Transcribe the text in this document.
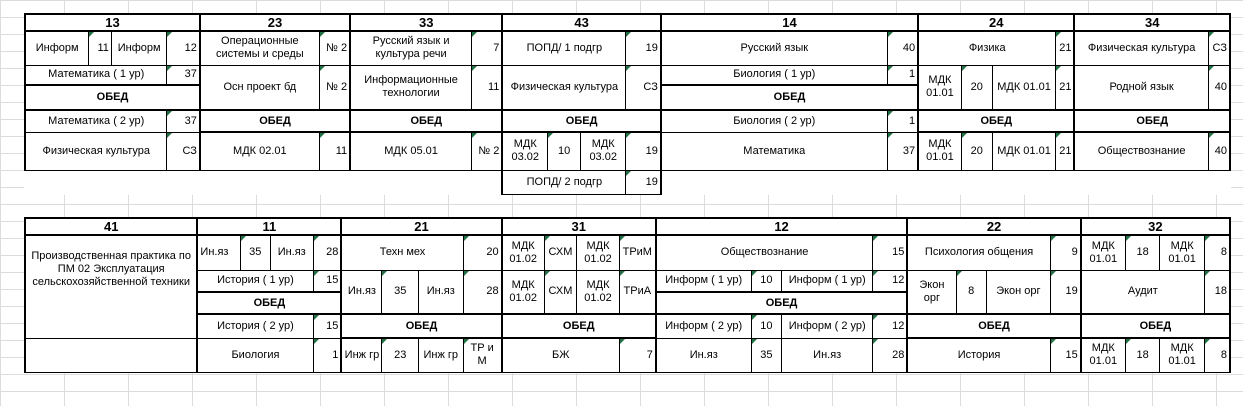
13				23		33		43				14		24				34	
Информ	11	Информ	12	Операционные системы и среды	№ 2	Русский язык и культура речи	7	ПОПД/ 1 подгр			19	Русский язык	40	Физика			21	Физическая культура	СЗ
Математика ( 1 ур)			37	Осн проект бд	№ 2	Информационные технологии	11	Физическая культура			СЗ	Биология ( 1 ур)	1	МДК 01.01	20	МДК 01.01	21	Родной язык	40
ОБЕД												ОБЕД							
Математика ( 2 ур)			37	ОБЕД		ОБЕД		ОБЕД				Биология ( 2 ур)	1	ОБЕД				ОБЕД	
Физическая культура			СЗ	МДК 02.01	11	МДК 05.01	№ 2	МДК 03.02	10	МДК 03.02	19	Математика	37	МДК 01.01	20	МДК 01.01	21	Обществознание	40
								ПОПД/ 2 подгр			19								
41	11				21				31				12				22				32			
Производственная практика по ПМ 02 Эксплуатация сельскохозяйственной техники	Ин.яз	35	Ин.яз	28	Техн мех			20	МДК 01.02	СХМ	МДК 01.02	ТРиМ	Обществознание			15	Психология общения			9	МДК 01.01	18	МДК 01.01	8
	История ( 1 ур)			15	Ин.яз	35	Ин.яз	28	МДК 01.02	СХМ	МДК 01.02	ТРиА	Информ ( 1 ур)	10	Информ ( 1 ур)	12	Экон орг	8	Экон орг	19	Аудит			18
	ОБЕД												ОБЕД											
	История ( 2 ур)			15	ОБЕД				ОБЕД				Информ ( 2 ур)	10	Информ ( 2 ур)	12	ОБЕД				ОБЕД			
	Биология			1	Инж гр	23	Инж гр	ТР и М	БЖ			7	Ин.яз	35	Ин.яз	28	История			15	МДК 01.01	18	МДК 01.01	8
